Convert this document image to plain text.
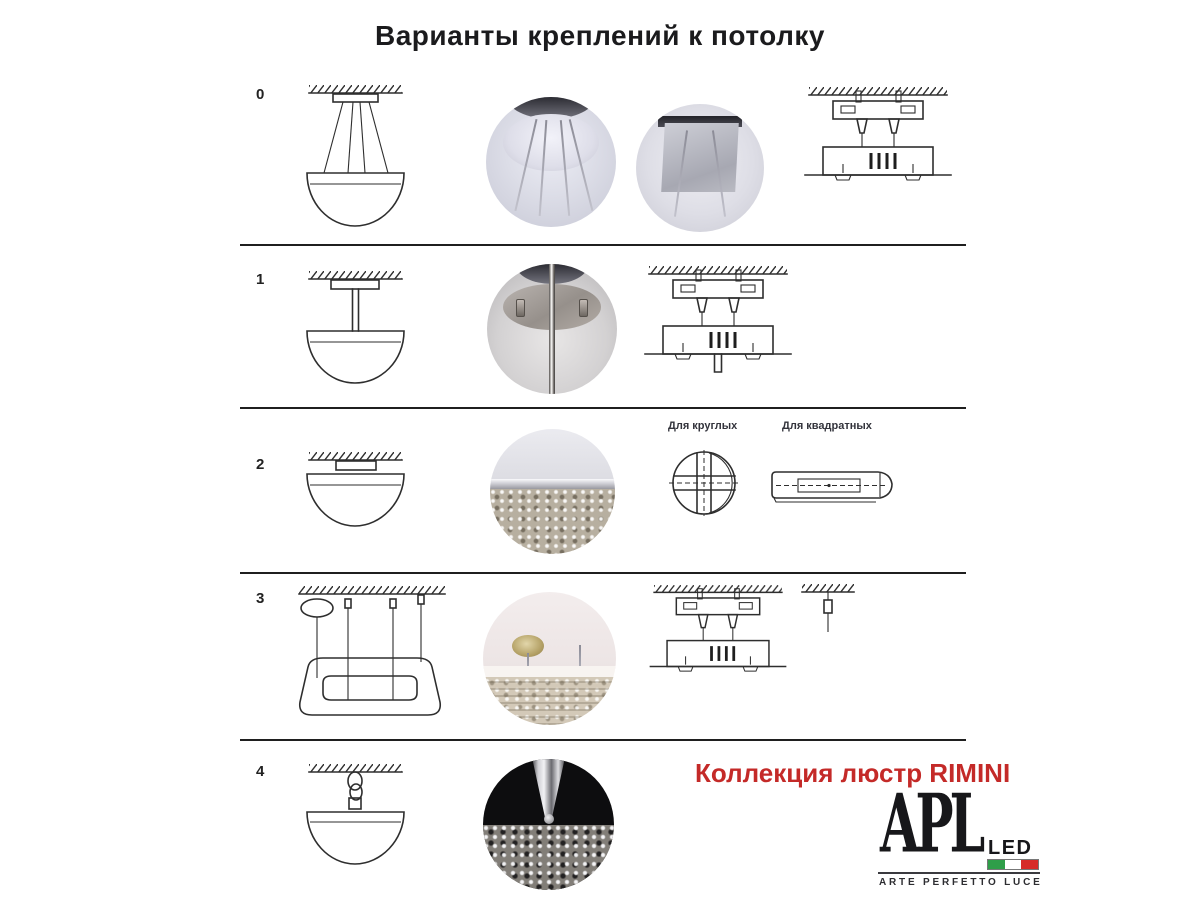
Варианты креплений к потолку
0
1
2
Для круглых	Для квадратных
3
4	Коллекция люстр RIMINI
APL LED
ARTE PERFETTO LUCE
